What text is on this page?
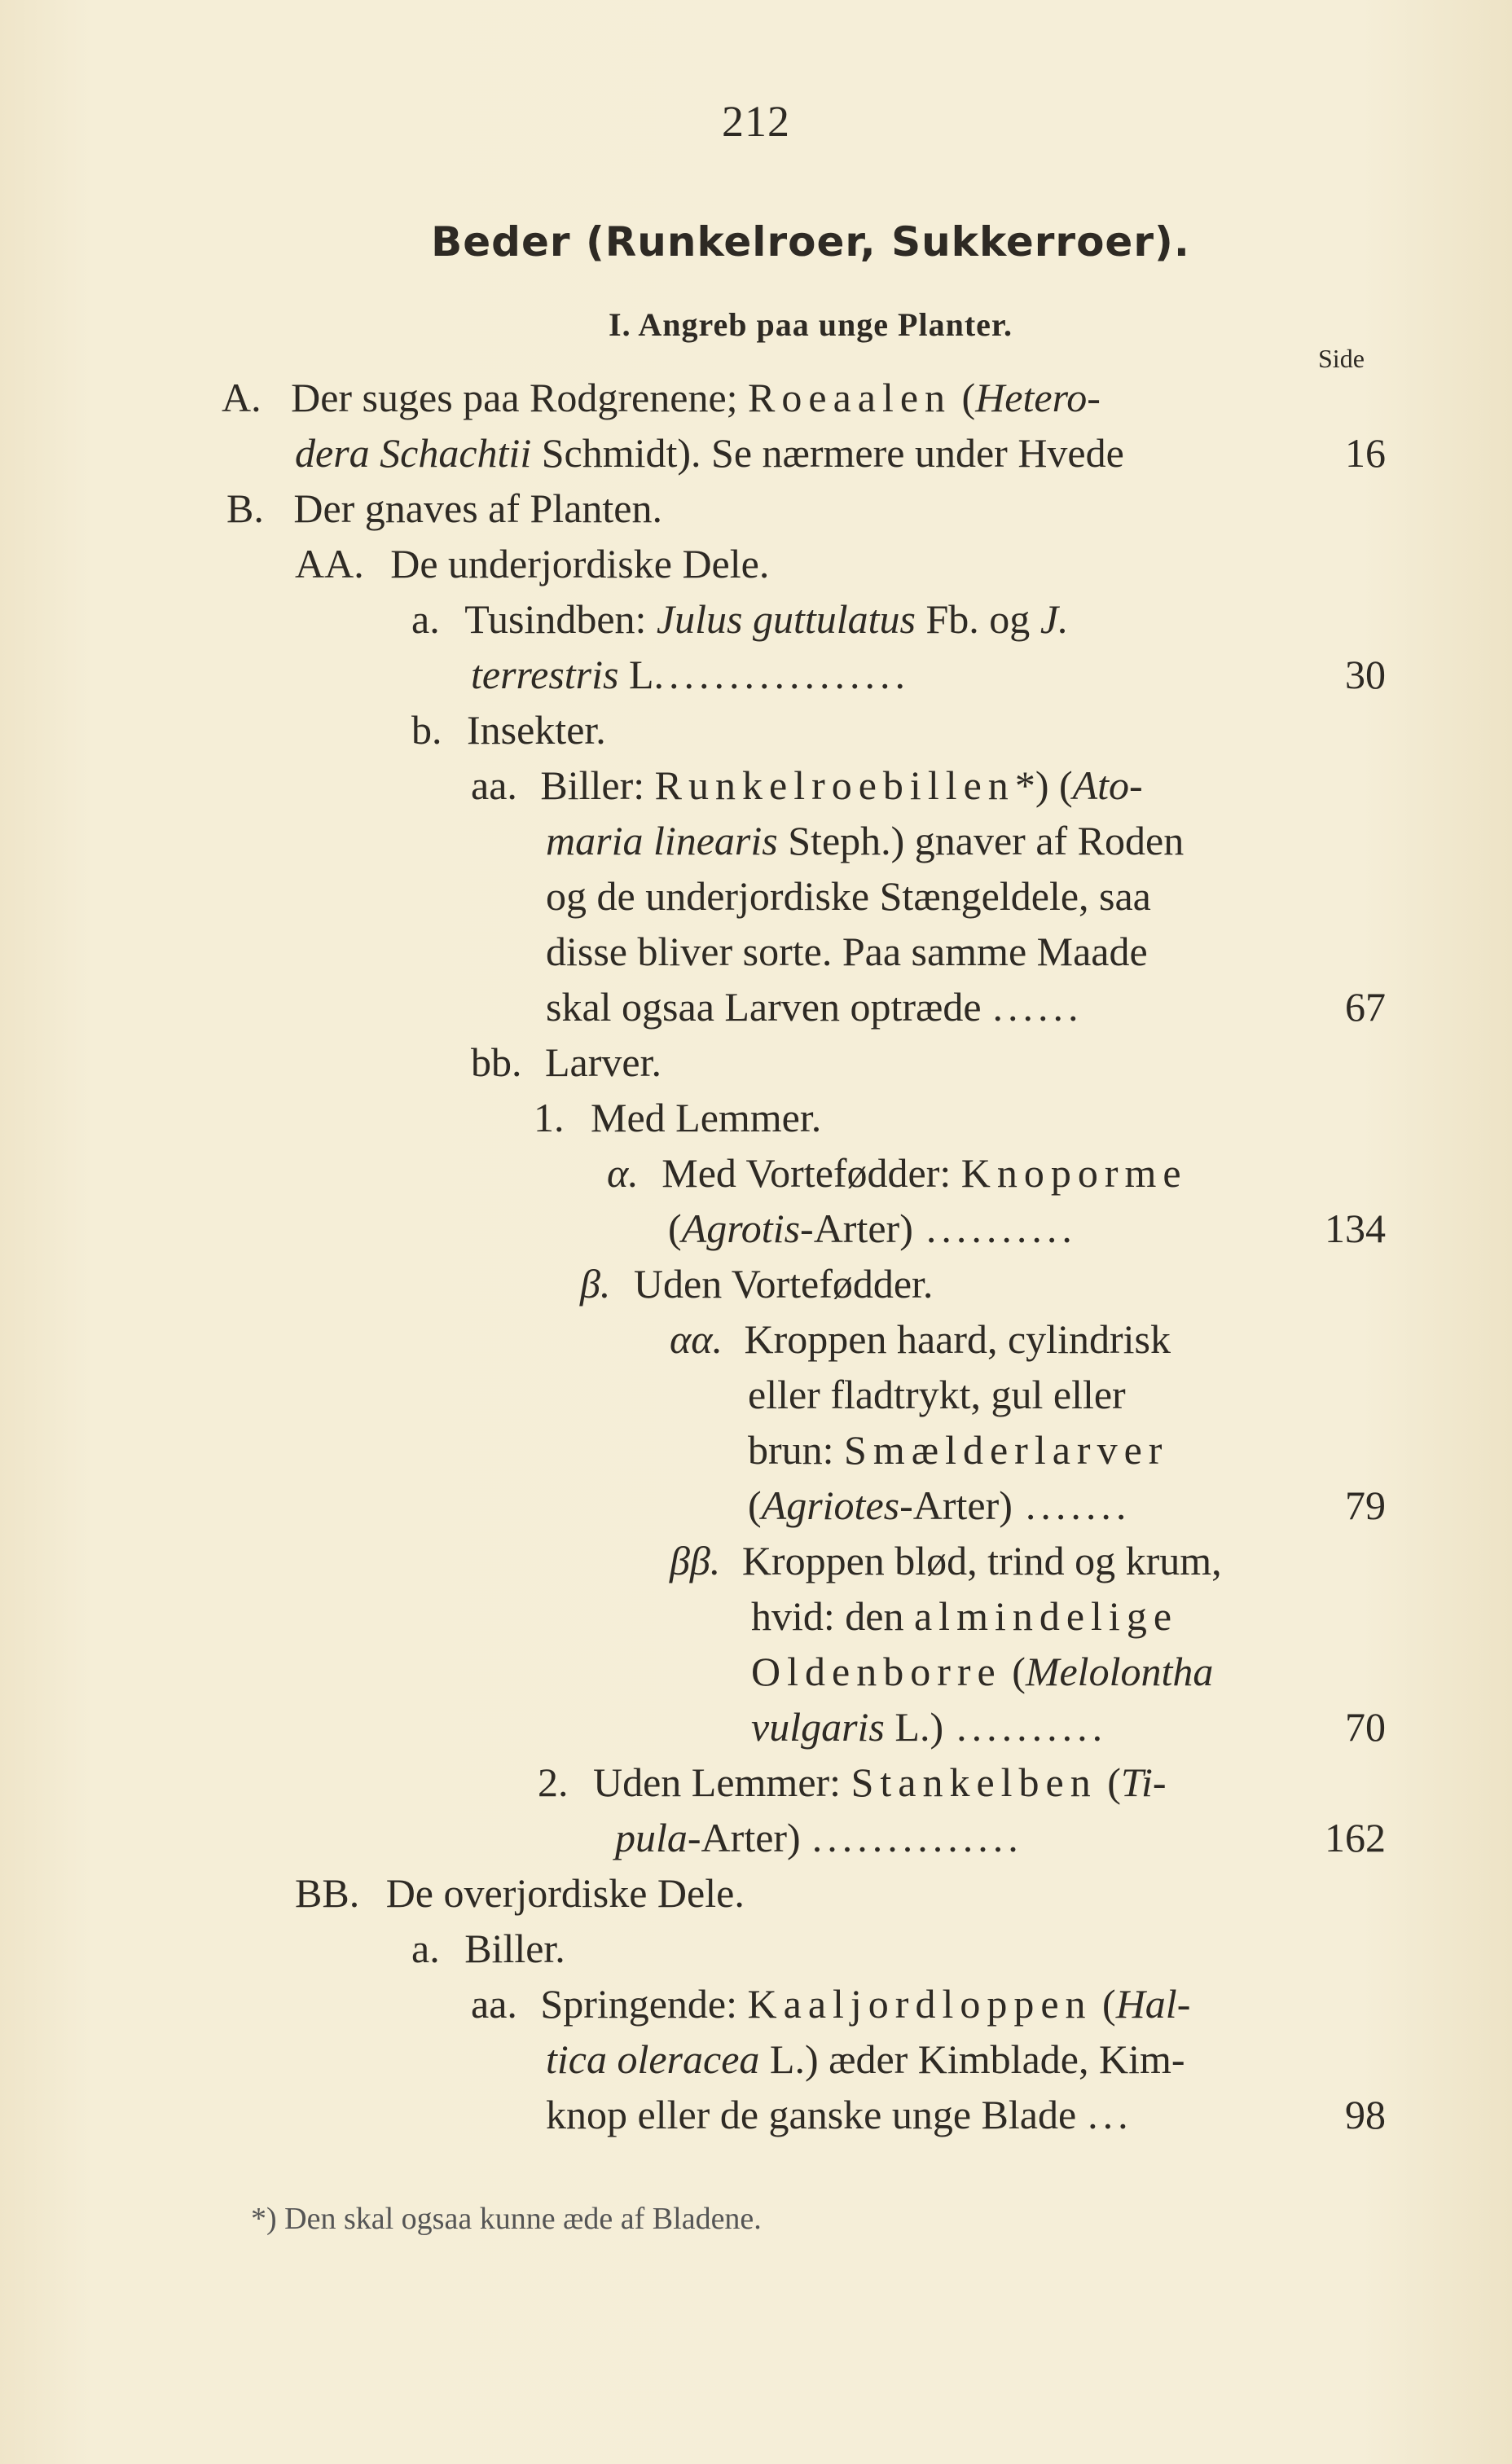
212
Beder (Runkelroer, Sukkerroer).
I. Angreb paa unge Planter.
Side
A. Der suges paa Rodgrenene; Roeaalen (Hetero-
dera Schachtii Schmidt). Se nærmere under Hvede	16
B. Der gnaves af Planten.
AA. De underjordiske Dele.
a. Tusindben: Julus guttulatus Fb. og J.
terrestris L.................	30
b. Insekter.
aa. Biller: Runkelroebillen*) (Ato-
maria linearis Steph.) gnaver af Roden
og de underjordiske Stængeldele, saa
disse bliver sorte. Paa samme Maade
skal ogsaa Larven optræde ......	67
bb. Larver.
1. Med Lemmer.
α. Med Vortefødder: Knoporme
(Agrotis-Arter) ..........	134
β. Uden Vortefødder.
αα. Kroppen haard, cylindrisk
eller fladtrykt, gul eller
brun: Smælderlarver
(Agriotes-Arter) .......	79
ββ. Kroppen blød, trind og krum,
hvid: den almindelige
Oldenborre (Melolontha
vulgaris L.) ..........	70
2. Uden Lemmer: Stankelben (Ti-
pula-Arter) ..............	162
BB. De overjordiske Dele.
a. Biller.
aa. Springende: Kaaljordloppen (Hal-
tica oleracea L.) æder Kimblade, Kim-
knop eller de ganske unge Blade ...	98
*) Den skal ogsaa kunne æde af Bladene.
